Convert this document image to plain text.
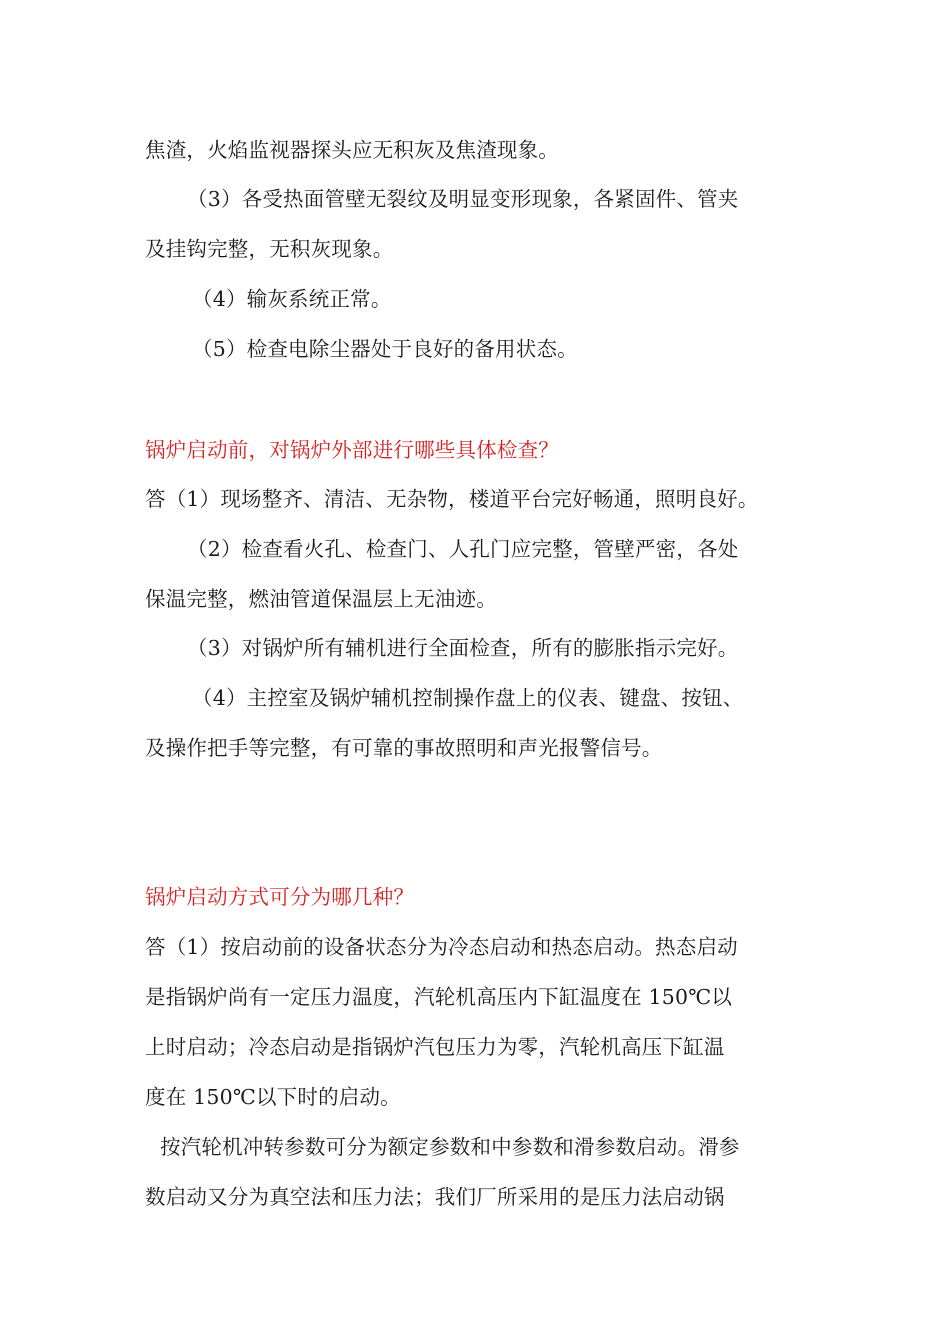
焦渣，火焰监视器探头应无积灰及焦渣现象。
（3）各受热面管壁无裂纹及明显变形现象，各紧固件、管夹
及挂钩完整，无积灰现象。
（4）输灰系统正常。
（5）检查电除尘器处于良好的备用状态。
锅炉启动前，对锅炉外部进行哪些具体检查？
答（1）现场整齐、清洁、无杂物，楼道平台完好畅通，照明良好。
（2）检查看火孔、检查门、人孔门应完整，管壁严密，各处
保温完整，燃油管道保温层上无油迹。
（3）对锅炉所有辅机进行全面检查，所有的膨胀指示完好。
（4）主控室及锅炉辅机控制操作盘上的仪表、键盘、按钮、
及操作把手等完整，有可靠的事故照明和声光报警信号。
锅炉启动方式可分为哪几种？
答（1）按启动前的设备状态分为冷态启动和热态启动。热态启动
是指锅炉尚有一定压力温度，汽轮机高压内下缸温度在 150℃以
上时启动；冷态启动是指锅炉汽包压力为零，汽轮机高压下缸温
度在 150℃以下时的启动。
按汽轮机冲转参数可分为额定参数和中参数和滑参数启动。滑参
数启动又分为真空法和压力法；我们厂所采用的是压力法启动锅
